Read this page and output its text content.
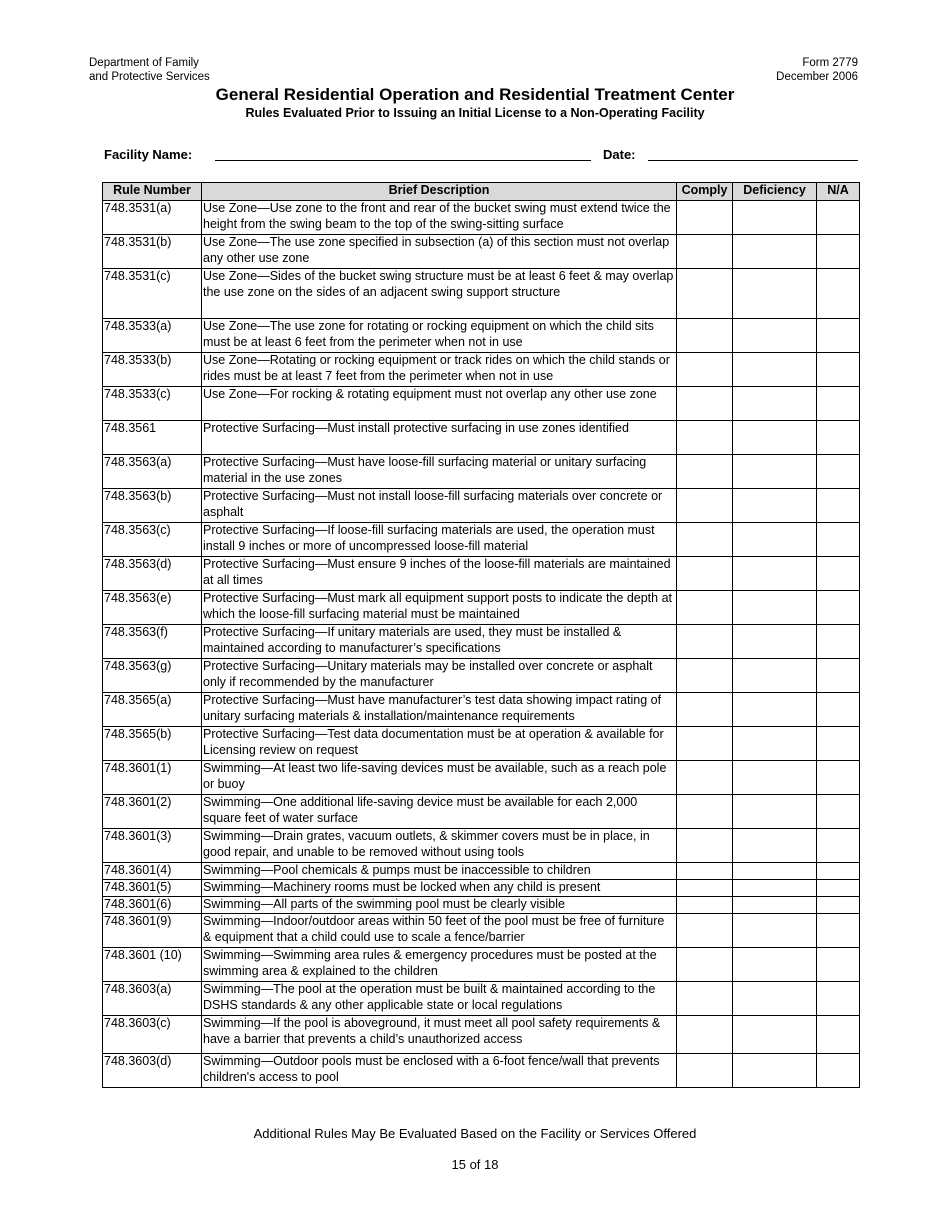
Department of Family
and Protective Services
Form 2779
December 2006
General Residential Operation and Residential Treatment Center
Rules Evaluated Prior to Issuing an Initial License to a Non-Operating Facility
Facility Name:	Date:
Rule Number	Brief Description	Comply	Deficiency	N/A
748.3531(a)	Use Zone—Use zone to the front and rear of the bucket swing must extend twice the height from the swing beam to the top of the swing-sitting surface			
748.3531(b)	Use Zone—The use zone specified in subsection (a) of this section must not overlap any other use zone			
748.3531(c)	Use Zone—Sides of the bucket swing structure must be at least 6 feet & may overlap the use zone on the sides of an adjacent swing support structure			
748.3533(a)	Use Zone—The use zone for rotating or rocking equipment on which the child sits must be at least 6 feet from the perimeter when not in use			
748.3533(b)	Use Zone—Rotating or rocking equipment or track rides on which the child stands or rides must be at least 7 feet from the perimeter when not in use			
748.3533(c)	Use Zone—For rocking & rotating equipment must not overlap any other use zone			
748.3561	Protective Surfacing—Must install protective surfacing in use zones identified			
748.3563(a)	Protective Surfacing—Must have loose-fill surfacing material or unitary surfacing material in the use zones			
748.3563(b)	Protective Surfacing—Must not install loose-fill surfacing materials over concrete or asphalt			
748.3563(c)	Protective Surfacing—If loose-fill surfacing materials are used, the operation must install 9 inches or more of uncompressed loose-fill material			
748.3563(d)	Protective Surfacing—Must ensure 9 inches of the loose-fill materials are maintained at all times			
748.3563(e)	Protective Surfacing—Must mark all equipment support posts to indicate the depth at which the loose-fill surfacing material must be maintained			
748.3563(f)	Protective Surfacing—If unitary materials are used, they must be installed & maintained according to manufacturer’s specifications			
748.3563(g)	Protective Surfacing—Unitary materials may be installed over concrete or asphalt only if recommended by the manufacturer			
748.3565(a)	Protective Surfacing—Must have manufacturer’s test data showing impact rating of unitary surfacing materials & installation/maintenance requirements			
748.3565(b)	Protective Surfacing—Test data documentation must be at operation & available for Licensing review on request			
748.3601(1)	Swimming—At least two life-saving devices must be available, such as a reach pole or buoy			
748.3601(2)	Swimming—One additional life-saving device must be available for each 2,000 square feet of water surface			
748.3601(3)	Swimming—Drain grates, vacuum outlets, & skimmer covers must be in place, in good repair, and unable to be removed without using tools			
748.3601(4)	Swimming—Pool chemicals & pumps must be inaccessible to children			
748.3601(5)	Swimming—Machinery rooms must be locked when any child is present			
748.3601(6)	Swimming—All parts of the swimming pool must be clearly visible			
748.3601(9)	Swimming—Indoor/outdoor areas within 50 feet of the pool must be free of furniture & equipment that a child could use to scale a fence/barrier			
748.3601 (10)	Swimming—Swimming area rules & emergency procedures must be posted at the swimming area & explained to the children			
748.3603(a)	Swimming—The pool at the operation must be built & maintained according to the DSHS standards & any other applicable state or local regulations			
748.3603(c)	Swimming—If the pool is aboveground, it must meet all pool safety requirements & have a barrier that prevents a child’s unauthorized access			
748.3603(d)	Swimming—Outdoor pools must be enclosed with a 6-foot fence/wall that prevents children's access to pool			
Additional Rules May Be Evaluated Based on the Facility or Services Offered
15 of 18
